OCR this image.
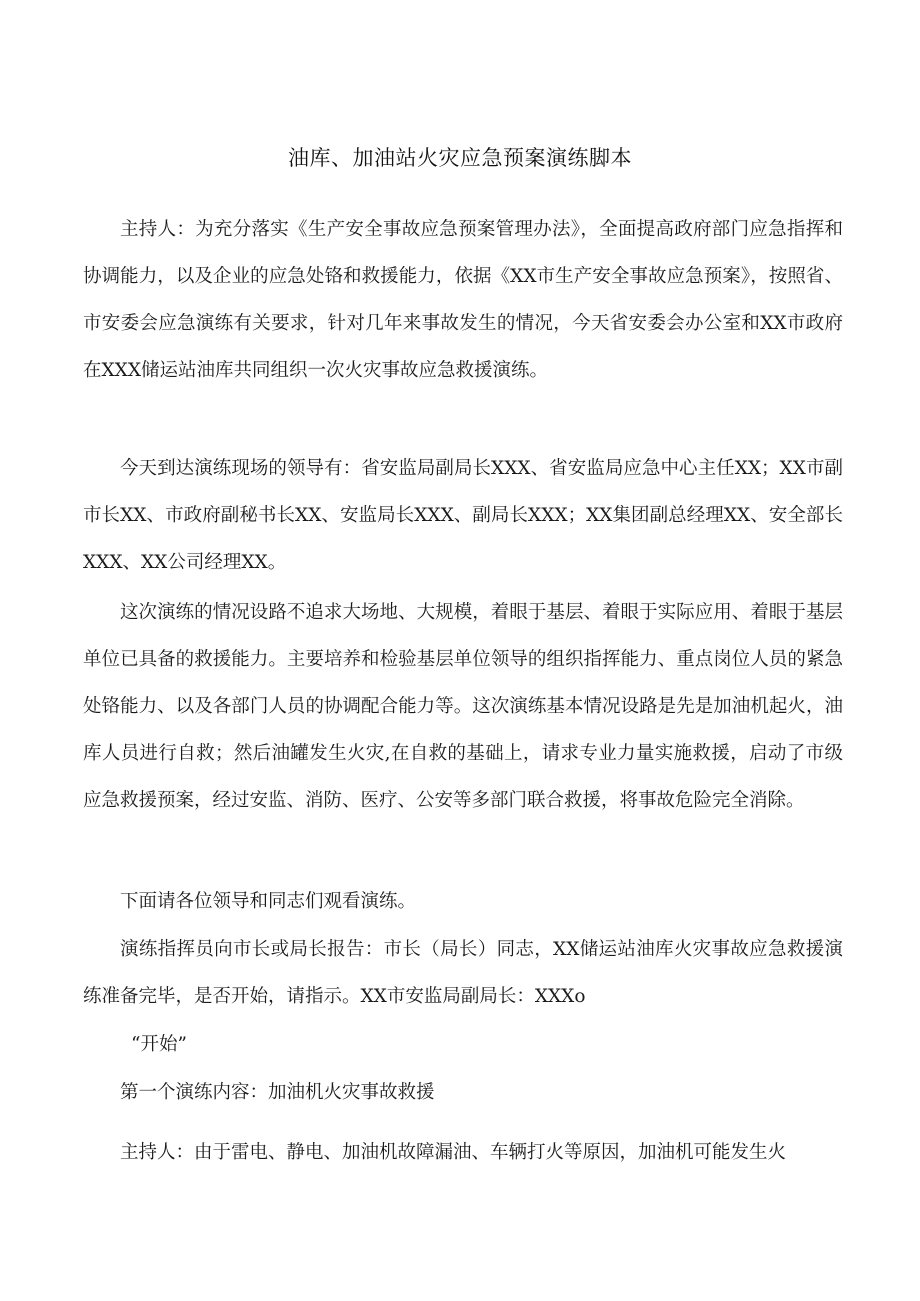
油库、加油站火灾应急预案演练脚本
主持人：为充分落实《生产安全事故应急预案管理办法》，全面提高政府部门应急指挥和协调能力，以及企业的应急处铬和救援能力，依据《XX市生产安全事故应急预案》，按照省、市安委会应急演练有关要求，针对几年来事故发生的情况，今天省安委会办公室和XX市政府在XXX储运站油库共同组织一次火灾事故应急救援演练。
今天到达演练现场的领导有：省安监局副局长XXX、省安监局应急中心主任XX；XX市副市长XX、市政府副秘书长XX、安监局长XXX、副局长XXX；XX集团副总经理XX、安全部长XXX、XX公司经理XX。
这次演练的情况设路不追求大场地、大规模，着眼于基层、着眼于实际应用、着眼于基层单位已具备的救援能力。主要培养和检验基层单位领导的组织指挥能力、重点岗位人员的紧急处铬能力、以及各部门人员的协调配合能力等。这次演练基本情况设路是先是加油机起火，油库人员进行自救；然后油罐发生火灾,在自救的基础上，请求专业力量实施救援，启动了市级应急救援预案，经过安监、消防、医疗、公安等多部门联合救援，将事故危险完全消除。
下面请各位领导和同志们观看演练。
演练指挥员向市长或局长报告：市长（局长）同志，XX储运站油库火灾事故应急救援演练准备完毕，是否开始，请指示。XX市安监局副局长：XXXo
“开始”
第一个演练内容：加油机火灾事故救援
主持人：由于雷电、静电、加油机故障漏油、车辆打火等原因，加油机可能发生火
